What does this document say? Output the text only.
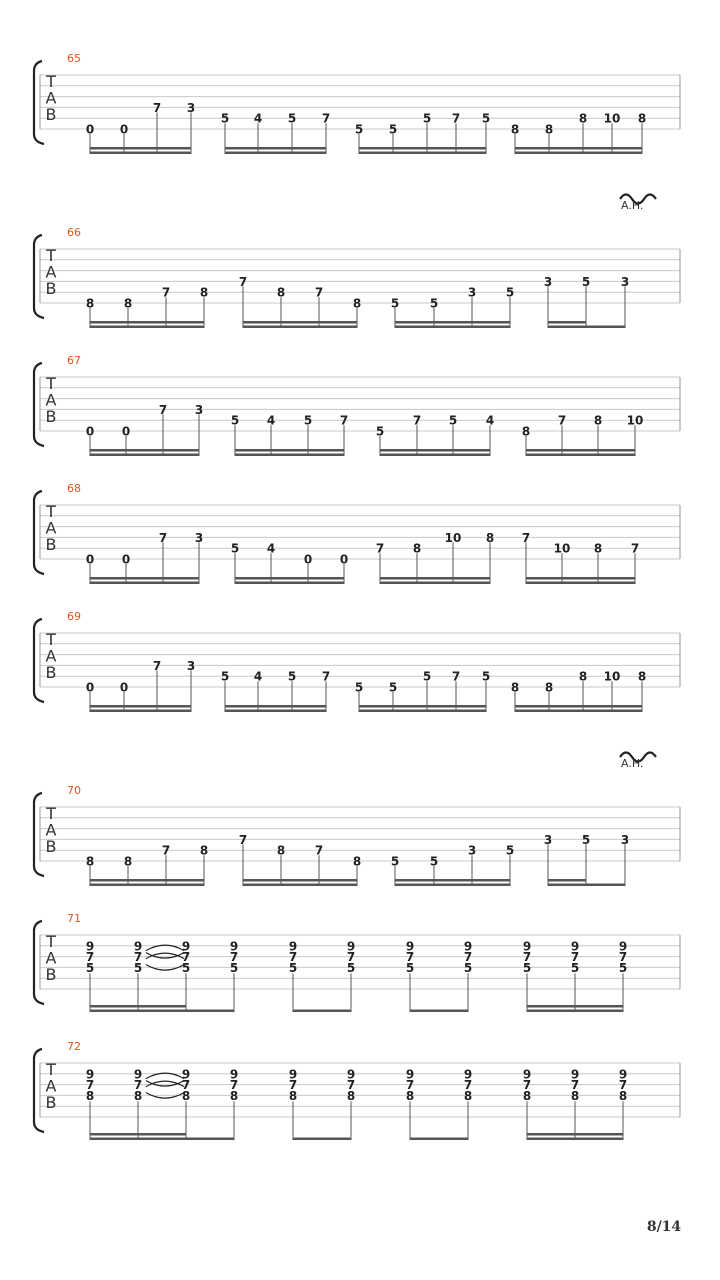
T
A
B
65
0 0
7 3
5 4 5 7
5 5
5 7 5
8 8
8 10 8
A.H.
T
A
B
66
8 8
7 8
7
8 7
8 5	5
3 5
3 5	3
T
A
B
67
0 0
7 3
5 4 5 7
5
7 5 4
8
7 8 10
T
A
B
68
0 0
7 3
5 4
0 0
7 8
10 8 7
10 8 7
T
A
B
69
0 0
7 3
5 4 5 7
5 5
5 7 5
8 8
8 10 8
A.H.
T
A
B
70
8 8
7 8
7
8 7
8 5	5
3 5
3 5	3
T
A
B
71
9
7
5
9
7
5
9
7
5
9
7
5
9
7
5
9
7
5
9
7
5
9
7
5
9
7
5
9
7
5
9
7
5
T
A
B
72
9
7
8
9
7
8
9
7
8
9
7
8
9
7
8
9
7
8
9
7
8
9
7
8
9
7
8
9
7
8
9
7
8
8/14
